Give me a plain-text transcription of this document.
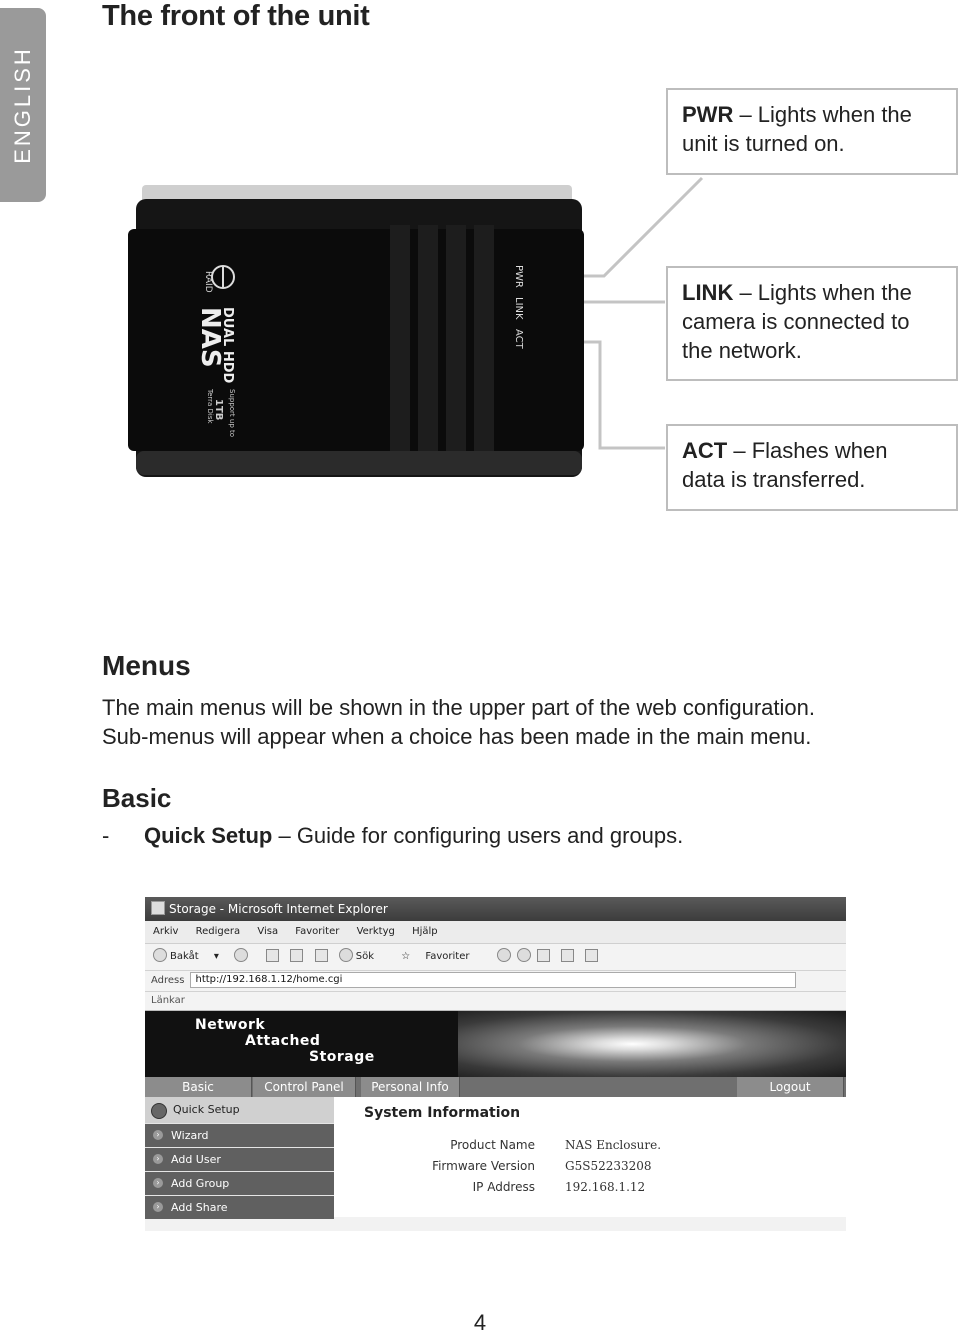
ENGLISH
The front of the unit
PWR – Lights when the
unit is turned on.
LINK – Lights when the
camera is connected to
the network.
ACT – Flashes when
data is transferred.
RAID
DUAL HDD
NAS
Support up to
1TB
Terra Disk
PWR
LINK
ACT
Menus
The main menus will be shown in the upper part of the web configuration.
Sub-menus will appear when a choice has been made in the main menu.
Basic
- Quick Setup – Guide for configuring users and groups.
Storage - Microsoft Internet Explorer
Arkiv Redigera Visa Favoriter Verktyg Hjälp
Bakåt ▾	Sök	☆ Favoriter
Adress http://192.168.1.12/home.cgi
Länkar
Network
Attached
Storage
Basic	Control Panel	Personal Info	Logout
Quick Setup
›	Wizard
›	Add User
›	Add Group
›	Add Share
System Information
Product Name	NAS Enclosure.
Firmware Version	G5S52233208
IP Address	192.168.1.12
4
